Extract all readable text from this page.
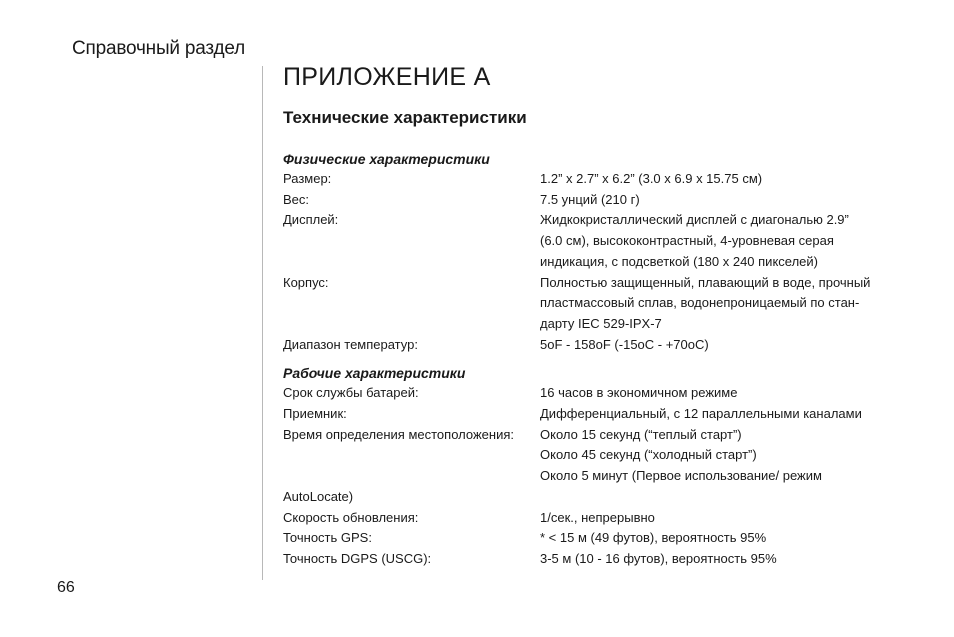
Справочный раздел
66
ПРИЛОЖЕНИЕ А
Технические характеристики
Физические характеристики
Размер:	1.2” x 2.7” x 6.2” (3.0 x 6.9 x 15.75 см)
Вес:	7.5 унций (210 г)
Дисплей:	Жидкокристаллический дисплей с диагональю 2.9”
(6.0 см), высококонтрастный, 4-уровневая серая
индикация, с подсветкой (180 x 240 пикселей)
Корпус:	Полностью защищенный, плавающий в воде, прочный
пластмассовый сплав, водонепроницаемый по стан-
дарту IEC 529-IPX-7
Диапазон температур:	5oF - 158oF (-15oC - +70oC)
Рабочие характеристики
Срок службы батарей:	16 часов в экономичном режиме
Приемник:	Дифференциальный, с 12 параллельными каналами
Время определения местоположения:	Около 15 секунд (“теплый старт”)
Около 45 секунд (“холодный старт”)
Около 5 минут (Первое использование/ режим
AutoLocate)
Скорость обновления:	1/сек., непрерывно
Точность GPS:	* < 15 м (49 футов), вероятность 95%
Точность DGPS (USCG):	3-5 м (10 - 16 футов), вероятность 95%
